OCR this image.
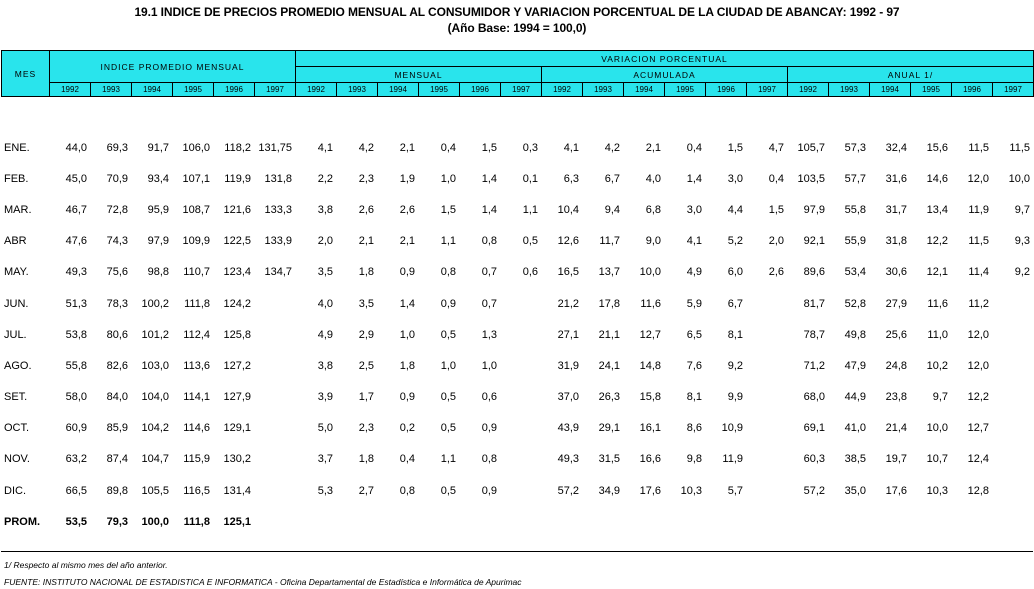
19.1 INDICE DE PRECIOS PROMEDIO MENSUAL AL CONSUMIDOR Y VARIACION PORCENTUAL DE LA CIUDAD DE ABANCAY: 1992 - 97
(Año Base: 1994 = 100,0)
MES	INDICE PROMEDIO MENSUAL						VARIACION PORCENTUAL																	
							MENSUAL						ACUMULADA						ANUAL 1/					
	1992	1993	1994	1995	1996	1997	1992	1993	1994	1995	1996	1997	1992	1993	1994	1995	1996	1997	1992	1993	1994	1995	1996	1997
ENE.	44,0	69,3	91,7	106,0	118,2	131,75	4,1	4,2	2,1	0,4	1,5	0,3	4,1	4,2	2,1	0,4	1,5	4,7	105,7	57,3	32,4	15,6	11,5	11,5
FEB.	45,0	70,9	93,4	107,1	119,9	131,8	2,2	2,3	1,9	1,0	1,4	0,1	6,3	6,7	4,0	1,4	3,0	0,4	103,5	57,7	31,6	14,6	12,0	10,0
MAR.	46,7	72,8	95,9	108,7	121,6	133,3	3,8	2,6	2,6	1,5	1,4	1,1	10,4	9,4	6,8	3,0	4,4	1,5	97,9	55,8	31,7	13,4	11,9	9,7
ABR	47,6	74,3	97,9	109,9	122,5	133,9	2,0	2,1	2,1	1,1	0,8	0,5	12,6	11,7	9,0	4,1	5,2	2,0	92,1	55,9	31,8	12,2	11,5	9,3
MAY.	49,3	75,6	98,8	110,7	123,4	134,7	3,5	1,8	0,9	0,8	0,7	0,6	16,5	13,7	10,0	4,9	6,0	2,6	89,6	53,4	30,6	12,1	11,4	9,2
JUN.	51,3	78,3	100,2	111,8	124,2		4,0	3,5	1,4	0,9	0,7		21,2	17,8	11,6	5,9	6,7		81,7	52,8	27,9	11,6	11,2	
JUL.	53,8	80,6	101,2	112,4	125,8		4,9	2,9	1,0	0,5	1,3		27,1	21,1	12,7	6,5	8,1		78,7	49,8	25,6	11,0	12,0	
AGO.	55,8	82,6	103,0	113,6	127,2		3,8	2,5	1,8	1,0	1,0		31,9	24,1	14,8	7,6	9,2		71,2	47,9	24,8	10,2	12,0	
SET.	58,0	84,0	104,0	114,1	127,9		3,9	1,7	0,9	0,5	0,6		37,0	26,3	15,8	8,1	9,9		68,0	44,9	23,8	9,7	12,2	
OCT.	60,9	85,9	104,2	114,6	129,1		5,0	2,3	0,2	0,5	0,9		43,9	29,1	16,1	8,6	10,9		69,1	41,0	21,4	10,0	12,7	
NOV.	63,2	87,4	104,7	115,9	130,2		3,7	1,8	0,4	1,1	0,8		49,3	31,5	16,6	9,8	11,9		60,3	38,5	19,7	10,7	12,4	
DIC.	66,5	89,8	105,5	116,5	131,4		5,3	2,7	0,8	0,5	0,9		57,2	34,9	17,6	10,3	5,7		57,2	35,0	17,6	10,3	12,8	
PROM.	53,5	79,3	100,0	111,8	125,1																			
1/ Respecto al mismo mes del año anterior.
FUENTE: INSTITUTO NACIONAL DE ESTADISTICA E INFORMATICA - Oficina Departamental de Estadística e Informática de Apurimac
